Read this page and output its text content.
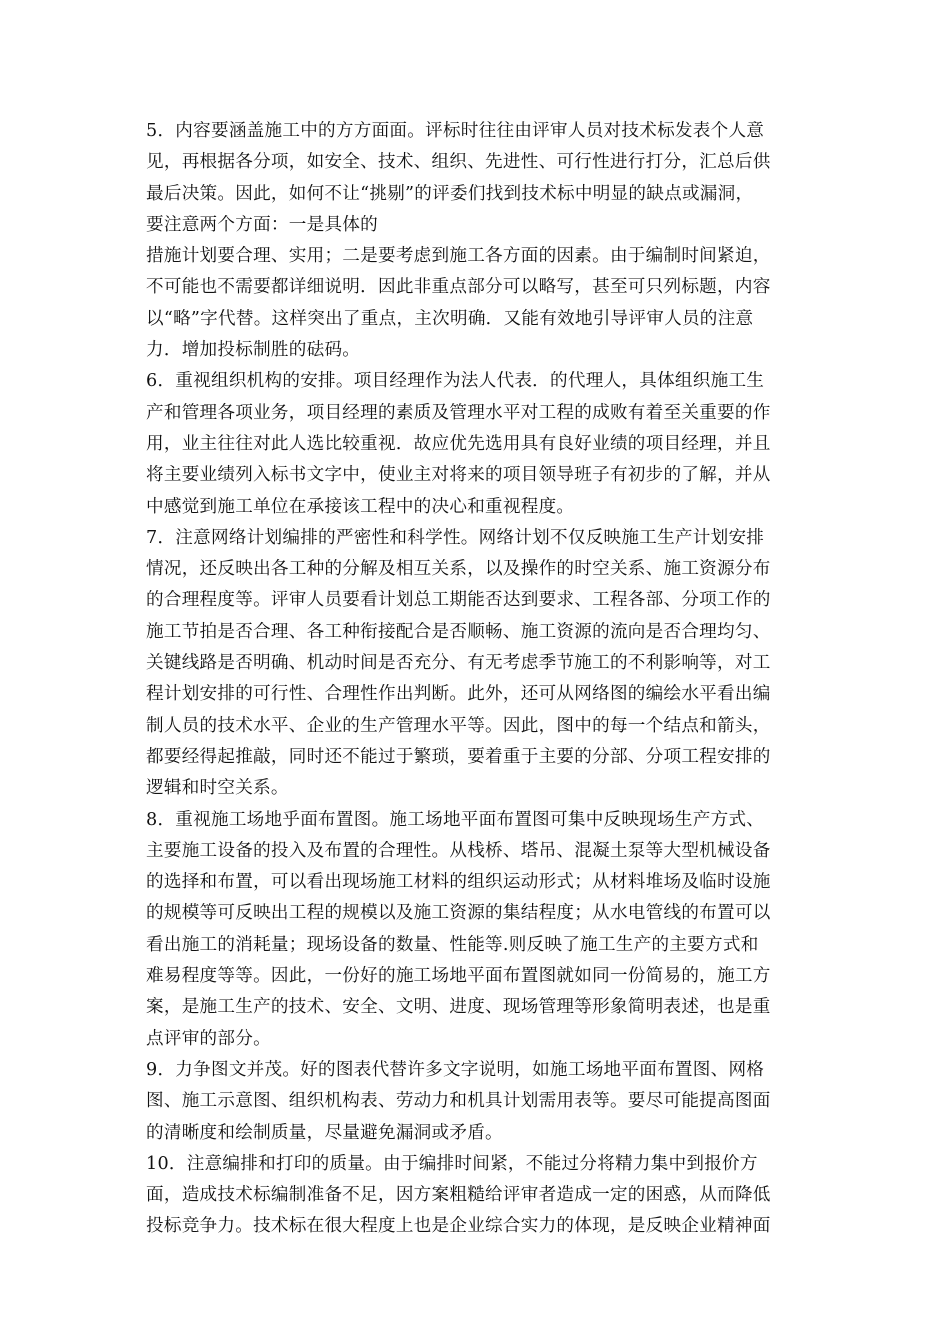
5．内容要涵盖施工中的方方面面。评标时往往由评审人员对技术标发表个人意
见，再根据各分项，如安全、技术、组织、先进性、可行性进行打分，汇总后供
最后决策。因此，如何不让“挑剔”的评委们找到技术标中明显的缺点或漏洞，
要注意两个方面：一是具体的
措施计划要合理、实用；二是要考虑到施工各方面的因素。由于编制时间紧迫，
不可能也不需要都详细说明．因此非重点部分可以略写，甚至可只列标题，内容
以“略”字代替。这样突出了重点，主次明确．又能有效地引导评审人员的注意
力．增加投标制胜的砝码。
6．重视组织机构的安排。项目经理作为法人代表．的代理人，具体组织施工生
产和管理各项业务，项目经理的素质及管理水平对工程的成败有着至关重要的作
用，业主往往对此人选比较重视．故应优先选用具有良好业绩的项目经理，并且
将主要业绩列入标书文字中，使业主对将来的项目领导班子有初步的了解，并从
中感觉到施工单位在承接该工程中的决心和重视程度。
7．注意网络计划编排的严密性和科学性。网络计划不仅反映施工生产计划安排
情况，还反映出各工种的分解及相互关系，以及操作的时空关系、施工资源分布
的合理程度等。评审人员要看计划总工期能否达到要求、工程各部、分项工作的
施工节拍是否合理、各工种衔接配合是否顺畅、施工资源的流向是否合理均匀、
关键线路是否明确、机动时间是否充分、有无考虑季节施工的不利影响等，对工
程计划安排的可行性、合理性作出判断。此外，还可从网络图的编绘水平看出编
制人员的技术水平、企业的生产管理水平等。因此，图中的每一个结点和箭头，
都要经得起推敲，同时还不能过于繁琐，要着重于主要的分部、分项工程安排的
逻辑和时空关系。
8．重视施工场地乎面布置图。施工场地平面布置图可集中反映现场生产方式、
主要施工设备的投入及布置的合理性。从栈桥、塔吊、混凝土泵等大型机械设备
的选择和布置，可以看出现场施工材料的组织运动形式；从材料堆场及临时设施
的规模等可反映出工程的规模以及施工资源的集结程度；从水电管线的布置可以
看出施工的消耗量；现场设备的数量、性能等.则反映了施工生产的主要方式和
难易程度等等。因此，一份好的施工场地平面布置图就如同一份简易的，施工方
案，是施工生产的技术、安全、文明、进度、现场管理等形象简明表述，也是重
点评审的部分。
9．力争图文并茂。好的图表代替许多文字说明，如施工场地平面布置图、网格
图、施工示意图、组织机构表、劳动力和机具计划需用表等。要尽可能提高图面
的清晰度和绘制质量，尽量避免漏洞或矛盾。
10．注意编排和打印的质量。由于编排时间紧，不能过分将精力集中到报价方
面，造成技术标编制准备不足，因方案粗糙给评审者造成一定的困惑，从而降低
投标竞争力。技术标在很大程度上也是企业综合实力的体现，是反映企业精神面
